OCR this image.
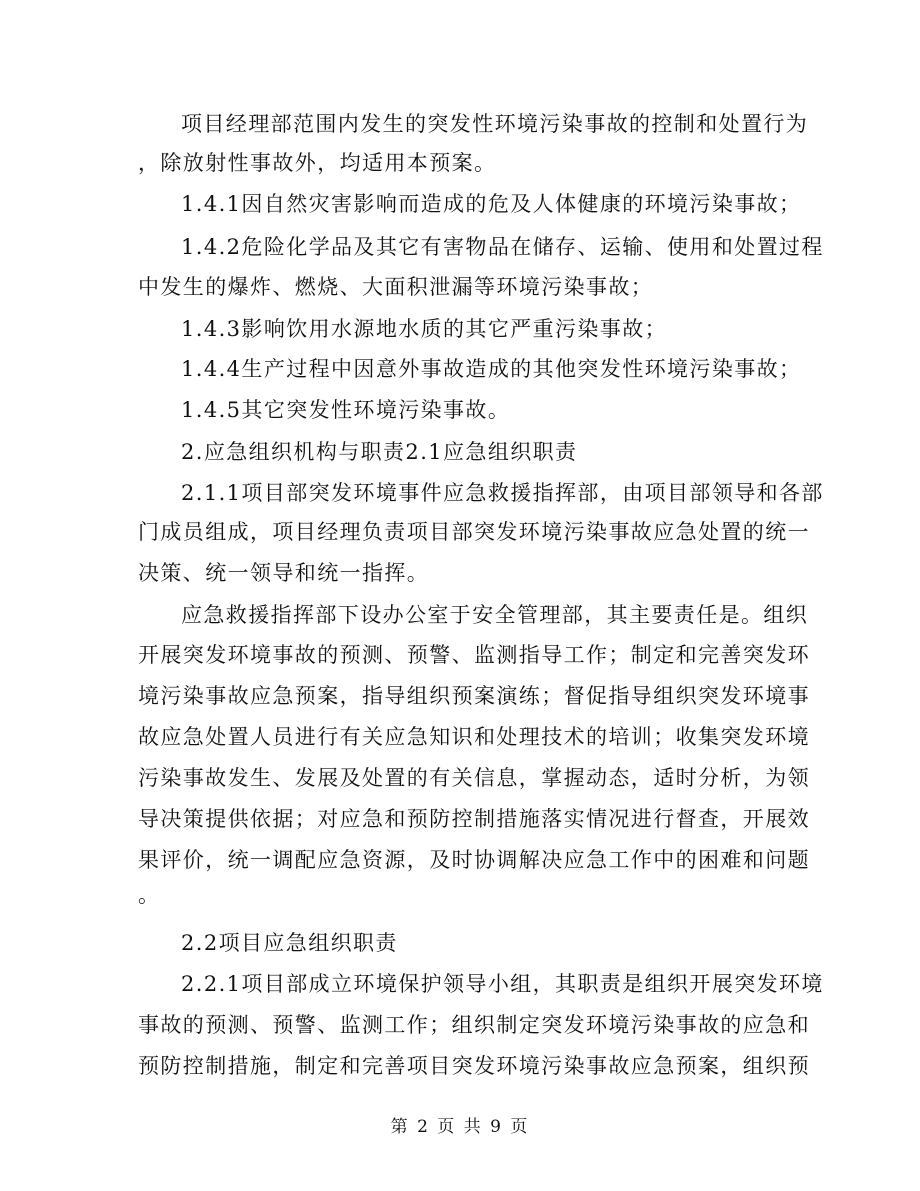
项目经理部范围内发生的突发性环境污染事故的控制和处置行为
，除放射性事故外，均适用本预案。
1.4.1因自然灾害影响而造成的危及人体健康的环境污染事故；
1.4.2危险化学品及其它有害物品在储存、运输、使用和处置过程
中发生的爆炸、燃烧、大面积泄漏等环境污染事故；
1.4.3影响饮用水源地水质的其它严重污染事故；
1.4.4生产过程中因意外事故造成的其他突发性环境污染事故；
1.4.5其它突发性环境污染事故。
2.应急组织机构与职责2.1应急组织职责
2.1.1项目部突发环境事件应急救援指挥部，由项目部领导和各部
门成员组成，项目经理负责项目部突发环境污染事故应急处置的统一
决策、统一领导和统一指挥。
应急救援指挥部下设办公室于安全管理部，其主要责任是。组织
开展突发环境事故的预测、预警、监测指导工作；制定和完善突发环
境污染事故应急预案，指导组织预案演练；督促指导组织突发环境事
故应急处置人员进行有关应急知识和处理技术的培训；收集突发环境
污染事故发生、发展及处置的有关信息，掌握动态，适时分析，为领
导决策提供依据；对应急和预防控制措施落实情况进行督查，开展效
果评价，统一调配应急资源，及时协调解决应急工作中的困难和问题
。
2.2项目应急组织职责
2.2.1项目部成立环境保护领导小组，其职责是组织开展突发环境
事故的预测、预警、监测工作；组织制定突发环境污染事故的应急和
预防控制措施，制定和完善项目突发环境污染事故应急预案，组织预
第 2 页 共 9 页
